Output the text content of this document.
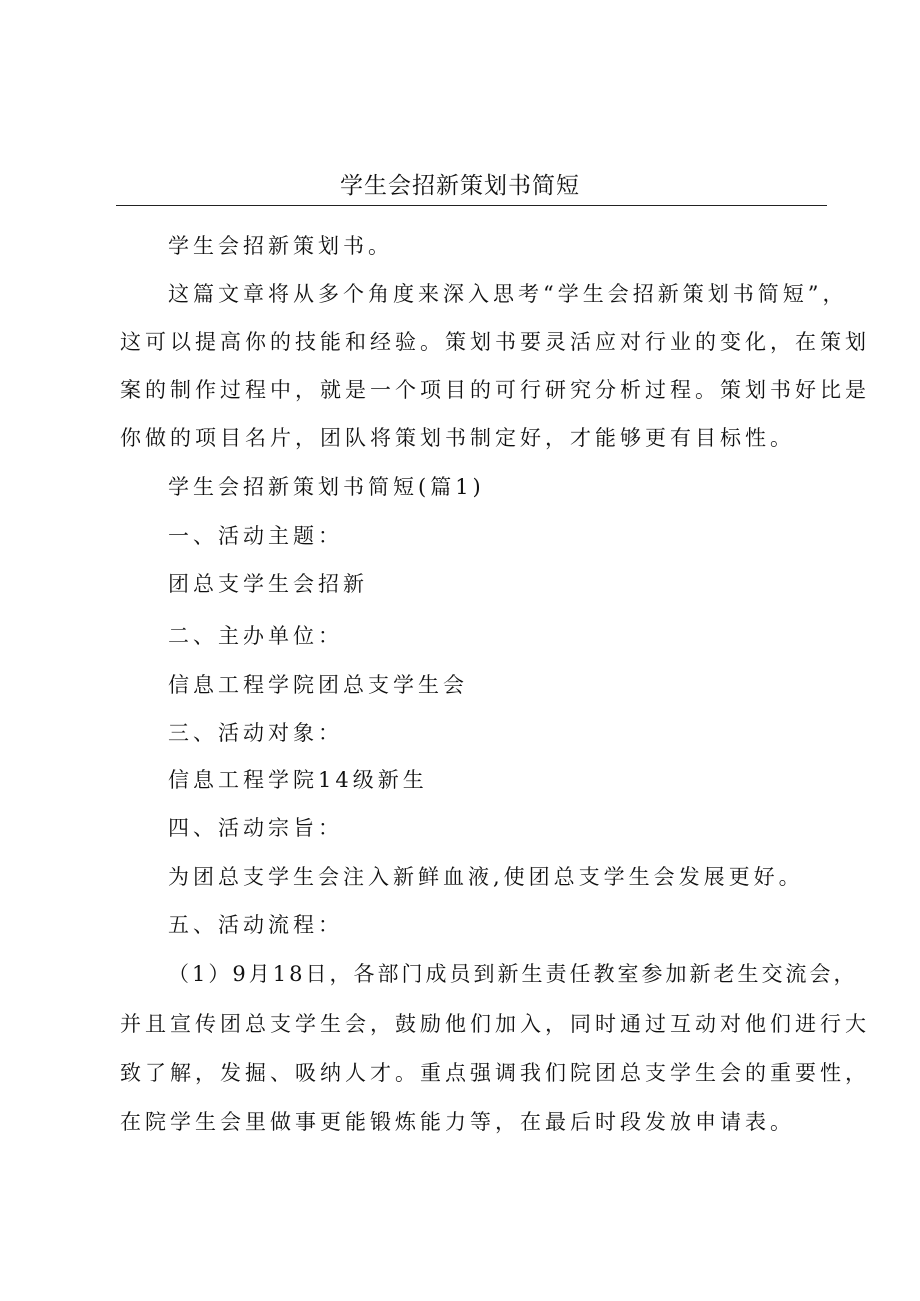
学生会招新策划书简短
学生会招新策划书。
这篇文章将从多个角度来深入思考“学生会招新策划书简短”，
这可以提高你的技能和经验。策划书要灵活应对行业的变化，在策划
案的制作过程中，就是一个项目的可行研究分析过程。策划书好比是
你做的项目名片，团队将策划书制定好，才能够更有目标性。
学生会招新策划书简短(篇1)
一、活动主题：
团总支学生会招新
二、主办单位：
信息工程学院团总支学生会
三、活动对象：
信息工程学院14级新生
四、活动宗旨：
为团总支学生会注入新鲜血液,使团总支学生会发展更好。
五、活动流程：
（1）9月18日，各部门成员到新生责任教室参加新老生交流会，
并且宣传团总支学生会，鼓励他们加入，同时通过互动对他们进行大
致了解，发掘、吸纳人才。重点强调我们院团总支学生会的重要性，
在院学生会里做事更能锻炼能力等，在最后时段发放申请表。
